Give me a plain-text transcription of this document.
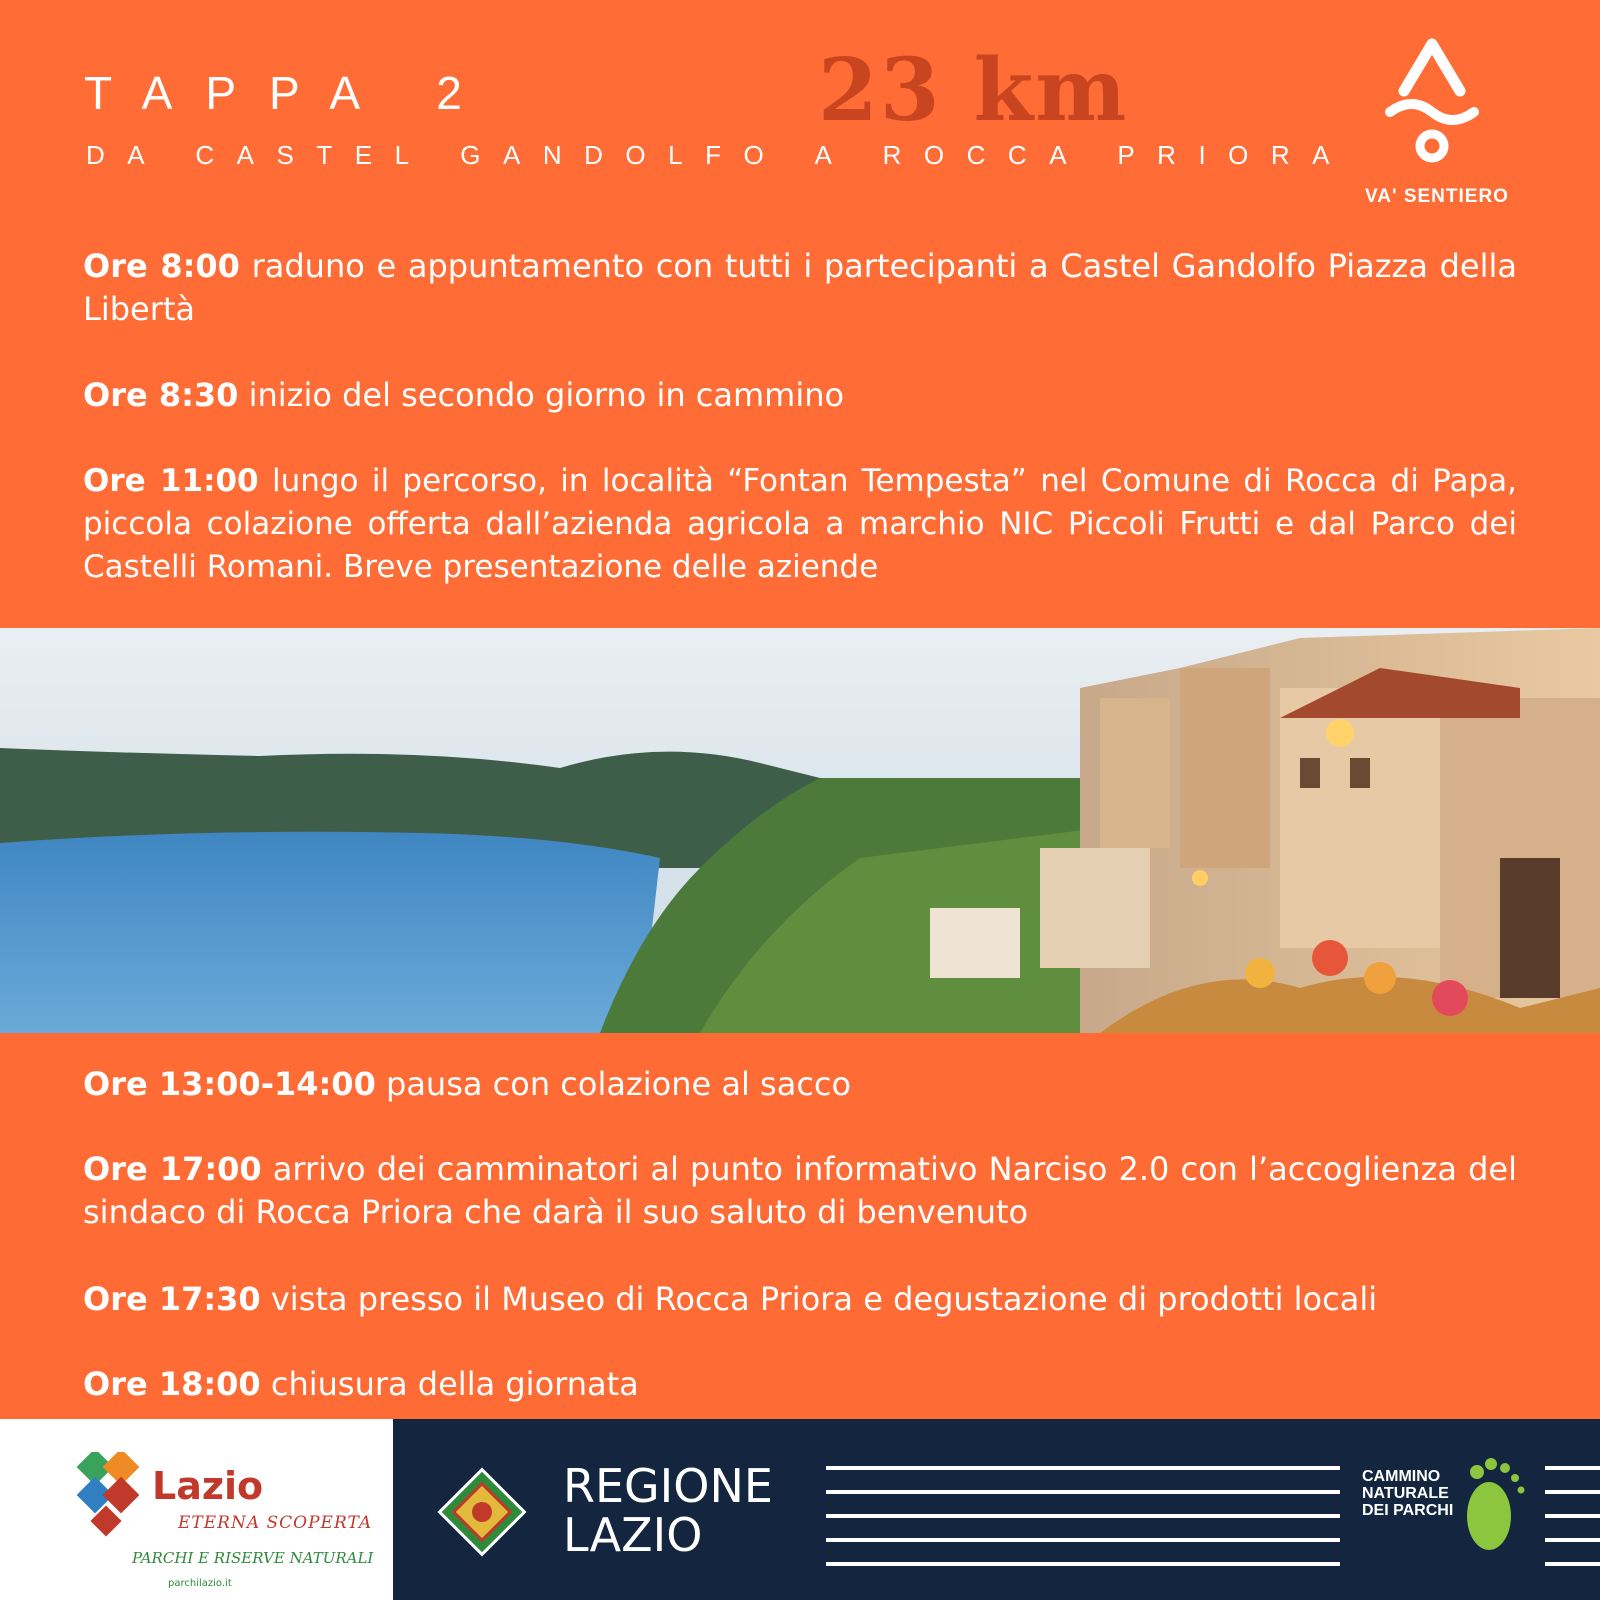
TAPPA 2
DA CASTEL GANDOLFO A ROCCA PRIORA
23 km
VA' SENTIERO
Ore 8:00 raduno e appuntamento con tutti i partecipanti a Castel Gandolfo Piazza della Libertà
Ore 8:30 inizio del secondo giorno in cammino
Ore 11:00 lungo il percorso, in località “Fontan Tempesta” nel Comune di Rocca di Papa, piccola colazione offerta dall’azienda agricola a marchio NIC Piccoli Frutti e dal Parco dei Castelli Romani. Breve presentazione delle aziende
Ore 13:00-14:00 pausa con colazione al sacco
Ore 17:00 arrivo dei camminatori al punto informativo Narciso 2.0 con l’accoglienza del sindaco di Rocca Priora che darà il suo saluto di benvenuto
Ore 17:30 vista presso il Museo di Rocca Priora e degustazione di prodotti locali
Ore 18:00 chiusura della giornata
Lazio
ETERNA SCOPERTA
PARCHI E RISERVE NATURALI
parchilazio.it
REGIONE
LAZIO
CAMMINO
NATURALE
DEI PARCHI
